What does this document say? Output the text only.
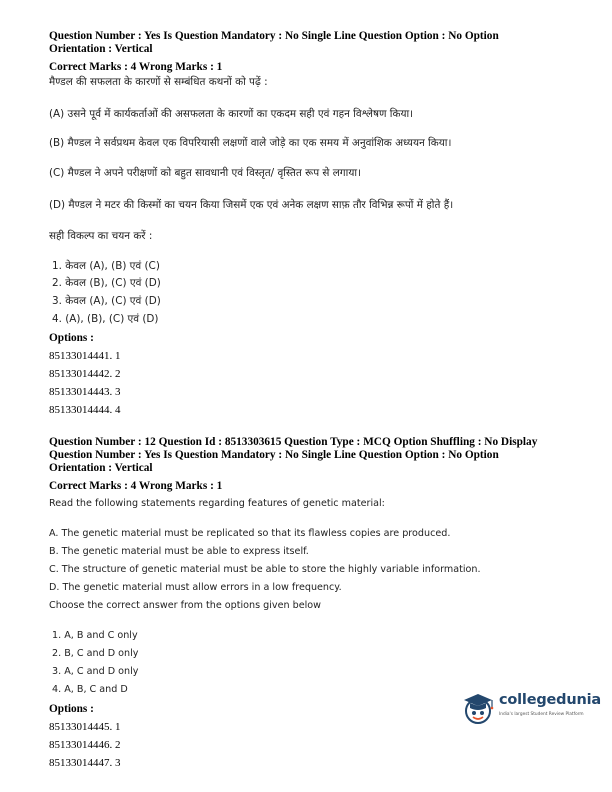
Question Number : Yes Is Question Mandatory : No Single Line Question Option : No Option
Orientation : Vertical
Correct Marks : 4 Wrong Marks : 1
मैण्डल की सफलता के कारणों से सम्बंधित कथनों को पढ़ें :
(A) उसने पूर्व में कार्यकर्ताओं की असफलता के कारणों का एकदम सही एवं गहन विश्लेषण किया।
(B) मैण्डल ने सर्वप्रथम केवल एक विपरियासी लक्षणों वाले जोड़े का एक समय में अनुवांशिक अध्ययन किया।
(C) मैण्डल ने अपने परीक्षणों को बहुत सावधानी एवं विस्तृत/ वृस्तित रूप से लगाया।
(D) मैण्डल ने मटर की किस्मों का चयन किया जिसमें एक एवं अनेक लक्षण साफ़ तौर विभिन्न रूपों में होते हैं।
सही विकल्प का चयन करें :
1. केवल (A), (B) एवं (C)
2. केवल (B), (C) एवं (D)
3. केवल (A), (C) एवं (D)
4. (A), (B), (C) एवं (D)
Options :
85133014441. 1
85133014442. 2
85133014443. 3
85133014444. 4
Question Number : 12 Question Id : 8513303615 Question Type : MCQ Option Shuffling : No Display
Question Number : Yes Is Question Mandatory : No Single Line Question Option : No Option
Orientation : Vertical
Correct Marks : 4 Wrong Marks : 1
Read the following statements regarding features of genetic material:
A. The genetic material must be replicated so that its flawless copies are produced.
B. The genetic material must be able to express itself.
C. The structure of genetic material must be able to store the highly variable information.
D. The genetic material must allow errors in a low frequency.
Choose the correct answer from the options given below
1. A, B and C only
2. B, C and D only
3. A, C and D only
4. A, B, C and D
Options :
85133014445. 1
85133014446. 2
85133014447. 3
collegedunia
India's largest Student Review Platform
